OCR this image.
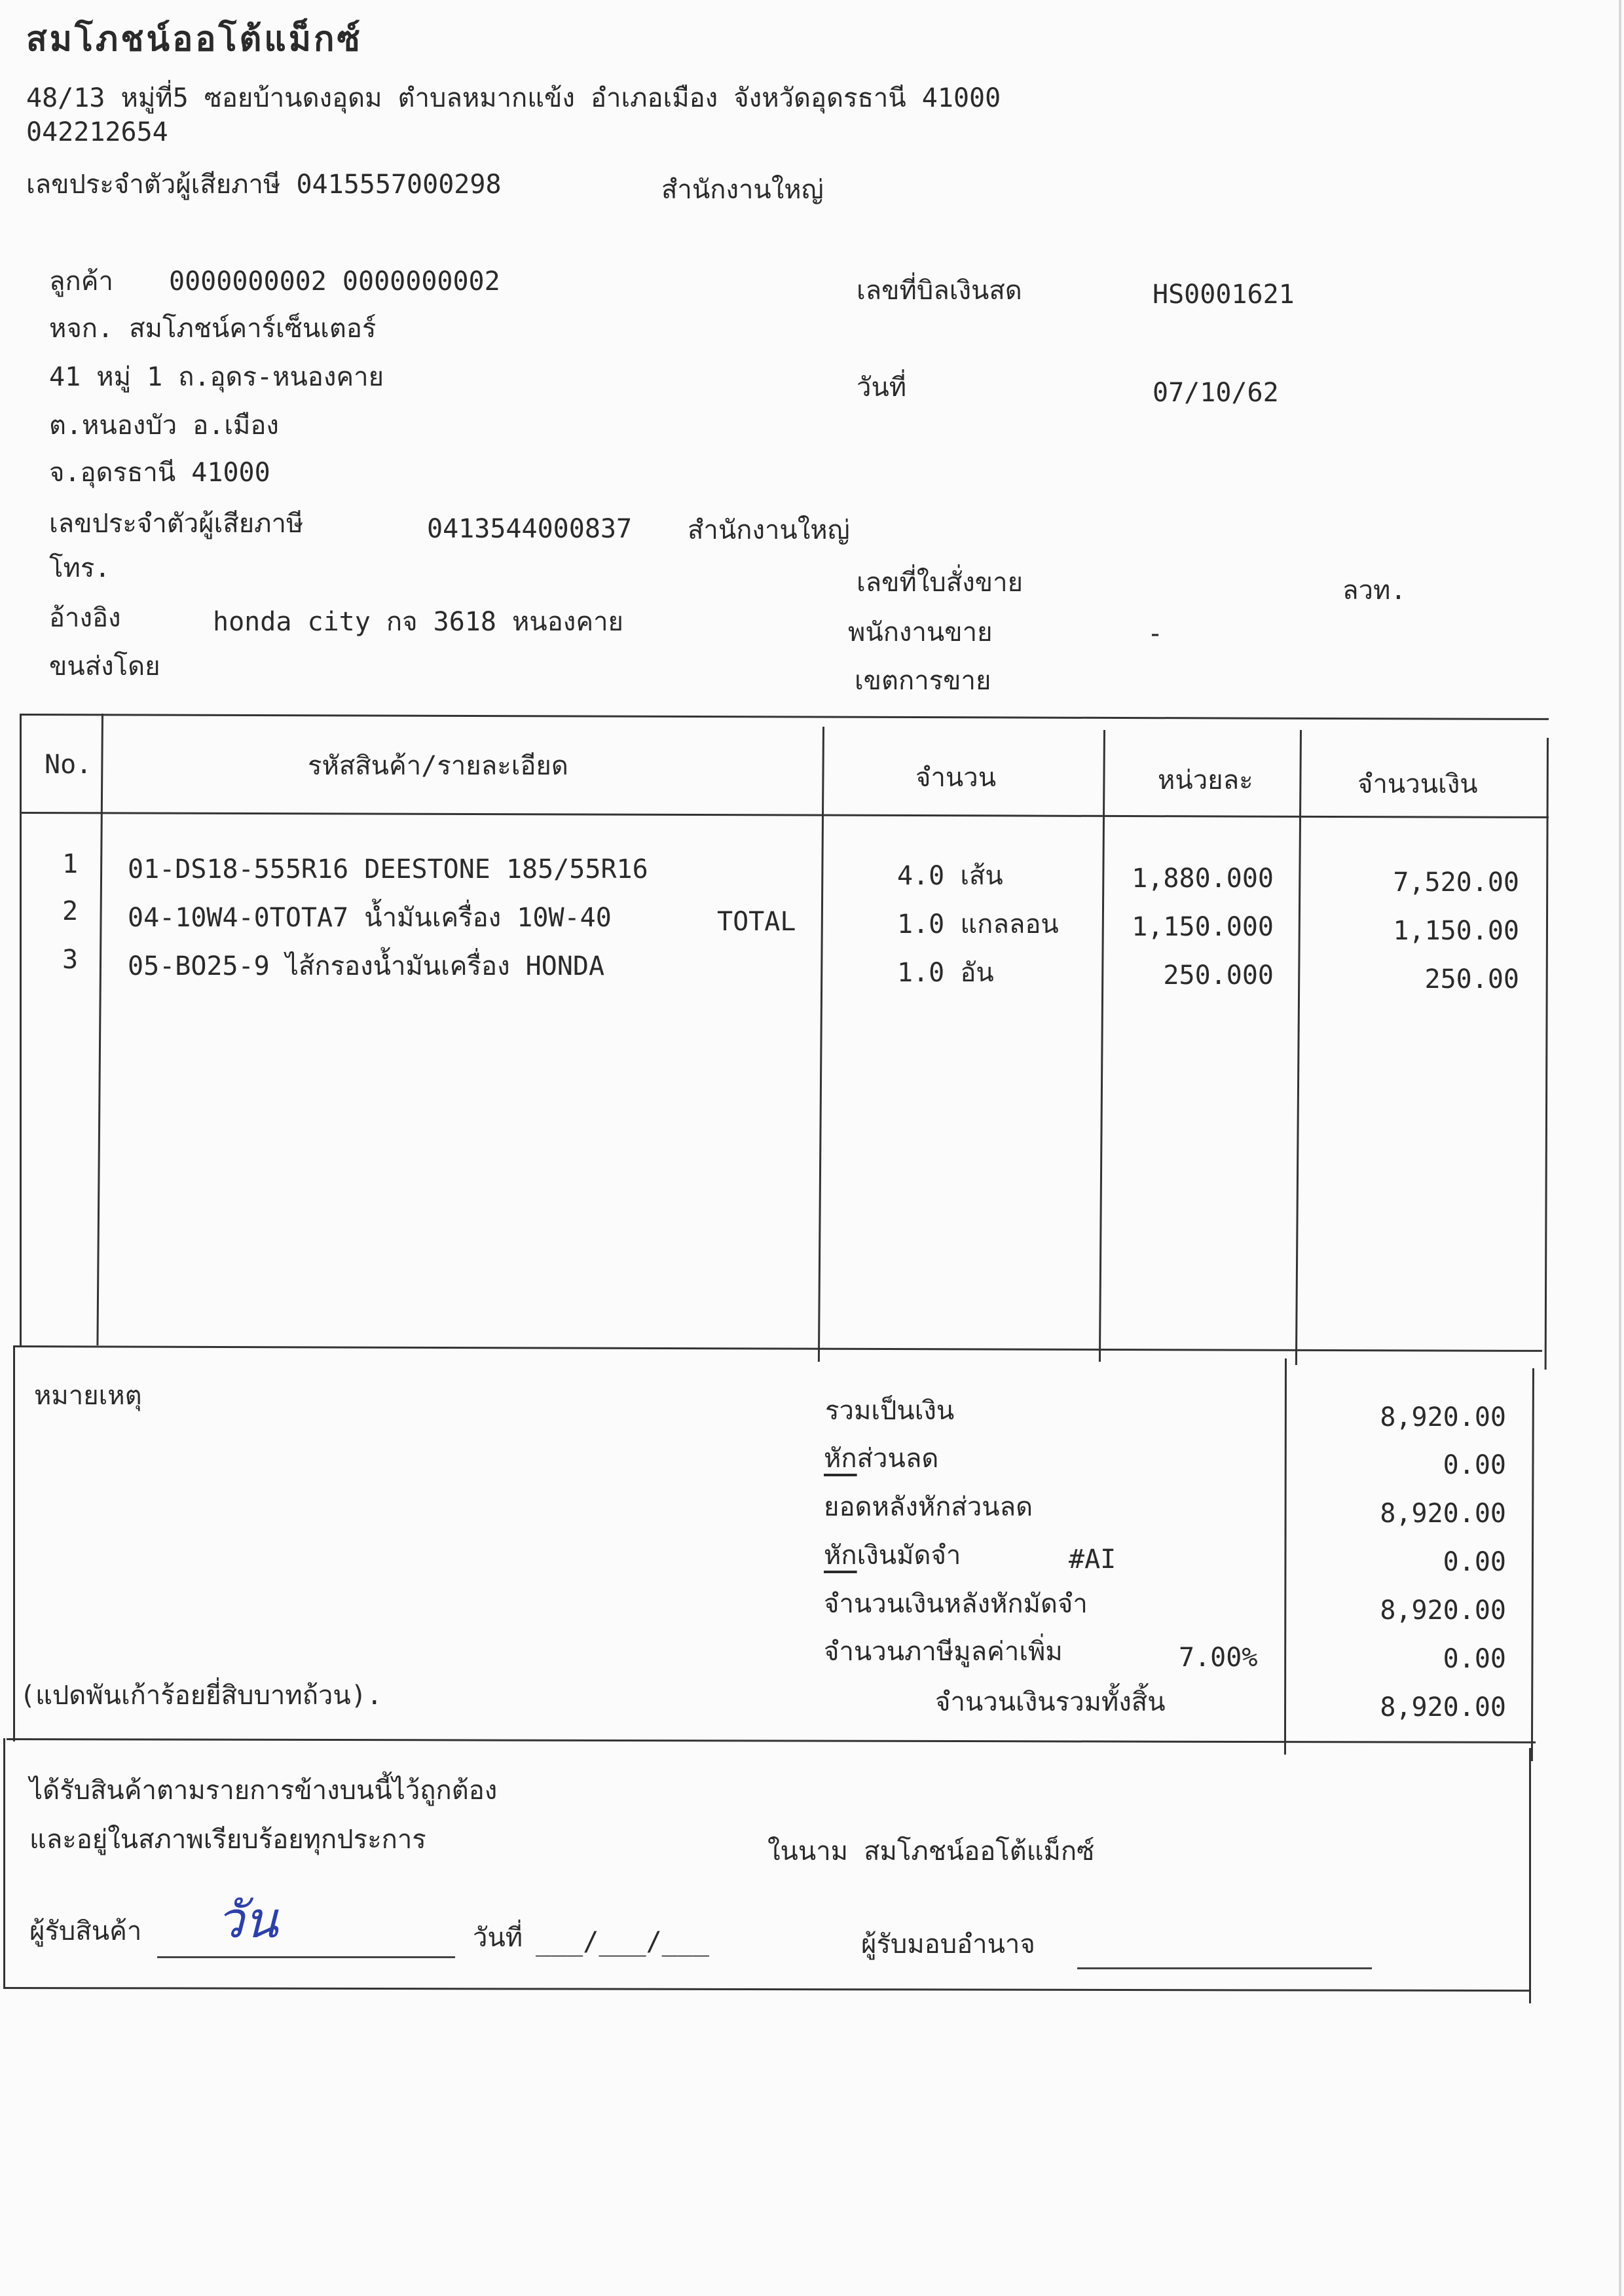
สมโภชน์ออโต้แม็กซ์
48/13 หมู่ที่5 ซอยบ้านดงอุดม ตำบลหมากแข้ง อำเภอเมือง จังหวัดอุดรธานี 41000
042212654
เลขประจำตัวผู้เสียภาษี 0415557000298	สำนักงานใหญ่
ลูกค้า 0000000002 0000000002
หจก. สมโภชน์คาร์เซ็นเตอร์
41 หมู่ 1 ถ.อุดร-หนองคาย
ต.หนองบัว อ.เมือง
จ.อุดรธานี 41000
เลขประจำตัวผู้เสียภาษี	0413544000837 สำนักงานใหญ่
โทร.
อ้างอิง	honda city กจ 3618 หนองคาย
ขนส่งโดย
เลขที่บิลเงินสด	HS0001621
วันที่	07/10/62
เลขที่ใบสั่งขาย	ลวท.
พนักงานขาย	-
เขตการขาย
No.	รหัสสินค้า/รายละเอียด	จำนวน	หน่วยละ	จำนวนเงิน
1 01-DS18-555R16 DEESTONE 185/55R16	4.0 เส้น	1,880.000	7,520.00
2 04-10W4-0TOTA7 น้ำมันเครื่อง 10W-40	TOTAL	1.0 แกลลอน	1,150.000	1,150.00
3 05-BO25-9 ไส้กรองน้ำมันเครื่อง HONDA	1.0 อัน	250.000	250.00
หมายเหตุ
(แปดพันเก้าร้อยยี่สิบบาทถ้วน).
รวมเป็นเงิน	8,920.00
หักส่วนลด	0.00
ยอดหลังหักส่วนลด	8,920.00
หักเงินมัดจำ	#AI	0.00
จำนวนเงินหลังหักมัดจำ	8,920.00
จำนวนภาษีมูลค่าเพิ่ม	7.00%	0.00
จำนวนเงินรวมทั้งสิ้น	8,920.00
ได้รับสินค้าตามรายการข้างบนนี้ไว้ถูกต้อง
และอยู่ในสภาพเรียบร้อยทุกประการ	ในนาม สมโภชน์ออโต้แม็กซ์
ผู้รับสินค้า วัน	วันที่ ___/___/___	ผู้รับมอบอำนาจ
